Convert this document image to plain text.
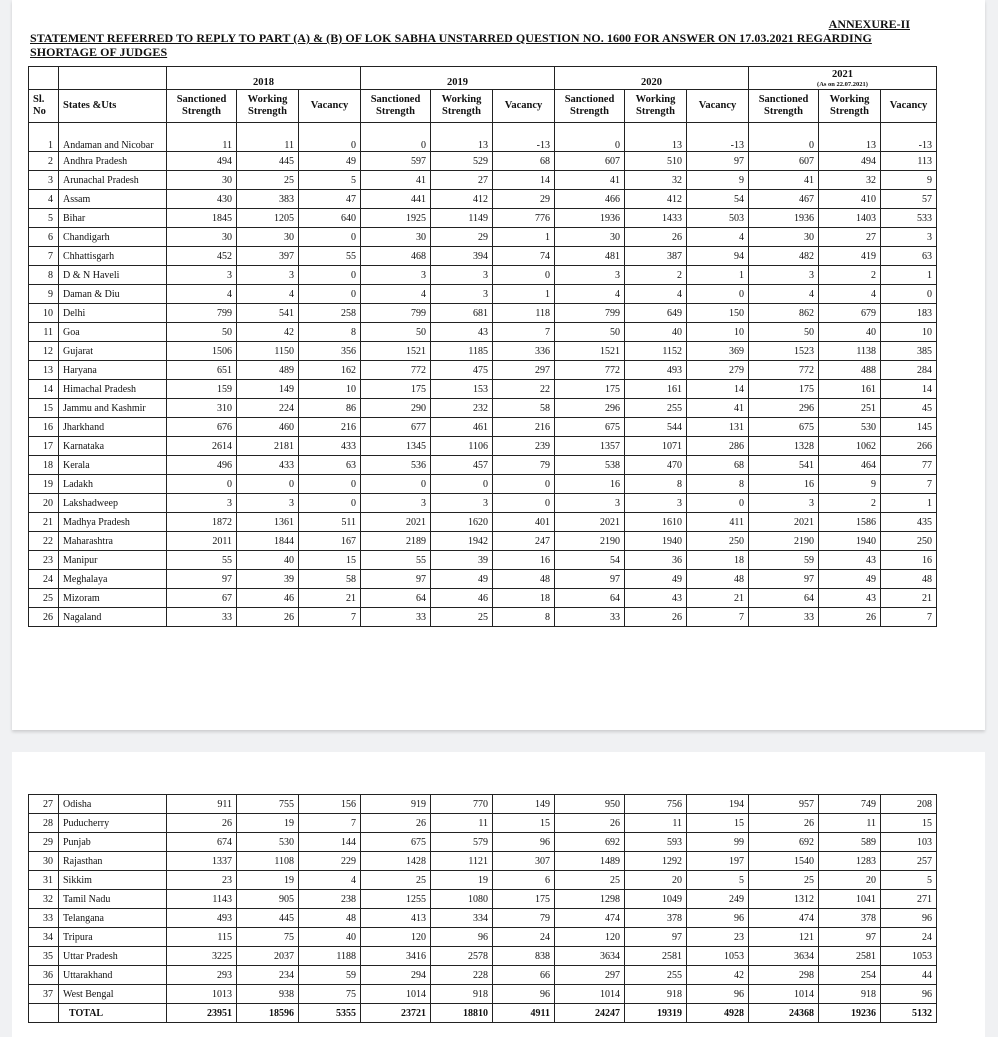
ANNEXURE-II
STATEMENT REFERRED TO REPLY TO PART (A) & (B) OF LOK SABHA UNSTARRED QUESTION NO. 1600 FOR ANSWER ON 17.03.2021 REGARDING SHORTAGE OF JUDGES
		2018			2019			2020			2021
(As on 22.07.2021)		

Sl. No	States &Uts	Sanctioned Strength	Working Strength	Vacancy	Sanctioned Strength	Working Strength	Vacancy	Sanctioned Strength	Working Strength	Vacancy	Sanctioned Strength	Working Strength	Vacancy
1	Andaman and Nicobar	11	11	0	0	13	-13	0	13	-13	0	13	-13
2	Andhra Pradesh	494	445	49	597	529	68	607	510	97	607	494	113
3	Arunachal Pradesh	30	25	5	41	27	14	41	32	9	41	32	9
4	Assam	430	383	47	441	412	29	466	412	54	467	410	57
5	Bihar	1845	1205	640	1925	1149	776	1936	1433	503	1936	1403	533
6	Chandigarh	30	30	0	30	29	1	30	26	4	30	27	3
7	Chhattisgarh	452	397	55	468	394	74	481	387	94	482	419	63
8	D & N Haveli	3	3	0	3	3	0	3	2	1	3	2	1
9	Daman & Diu	4	4	0	4	3	1	4	4	0	4	4	0
10	Delhi	799	541	258	799	681	118	799	649	150	862	679	183
11	Goa	50	42	8	50	43	7	50	40	10	50	40	10
12	Gujarat	1506	1150	356	1521	1185	336	1521	1152	369	1523	1138	385
13	Haryana	651	489	162	772	475	297	772	493	279	772	488	284
14	Himachal Pradesh	159	149	10	175	153	22	175	161	14	175	161	14
15	Jammu and Kashmir	310	224	86	290	232	58	296	255	41	296	251	45
16	Jharkhand	676	460	216	677	461	216	675	544	131	675	530	145
17	Karnataka	2614	2181	433	1345	1106	239	1357	1071	286	1328	1062	266
18	Kerala	496	433	63	536	457	79	538	470	68	541	464	77
19	Ladakh	0	0	0	0	0	0	16	8	8	16	9	7
20	Lakshadweep	3	3	0	3	3	0	3	3	0	3	2	1
21	Madhya Pradesh	1872	1361	511	2021	1620	401	2021	1610	411	2021	1586	435
22	Maharashtra	2011	1844	167	2189	1942	247	2190	1940	250	2190	1940	250
23	Manipur	55	40	15	55	39	16	54	36	18	59	43	16
24	Meghalaya	97	39	58	97	49	48	97	49	48	97	49	48
25	Mizoram	67	46	21	64	46	18	64	43	21	64	43	21
26	Nagaland	33	26	7	33	25	8	33	26	7	33	26	7
27	Odisha	911	755	156	919	770	149	950	756	194	957	749	208
28	Puducherry	26	19	7	26	11	15	26	11	15	26	11	15
29	Punjab	674	530	144	675	579	96	692	593	99	692	589	103
30	Rajasthan	1337	1108	229	1428	1121	307	1489	1292	197	1540	1283	257
31	Sikkim	23	19	4	25	19	6	25	20	5	25	20	5
32	Tamil Nadu	1143	905	238	1255	1080	175	1298	1049	249	1312	1041	271
33	Telangana	493	445	48	413	334	79	474	378	96	474	378	96
34	Tripura	115	75	40	120	96	24	120	97	23	121	97	24
35	Uttar Pradesh	3225	2037	1188	3416	2578	838	3634	2581	1053	3634	2581	1053
36	Uttarakhand	293	234	59	294	228	66	297	255	42	298	254	44
37	West Bengal	1013	938	75	1014	918	96	1014	918	96	1014	918	96
	TOTAL	23951	18596	5355	23721	18810	4911	24247	19319	4928	24368	19236	5132
